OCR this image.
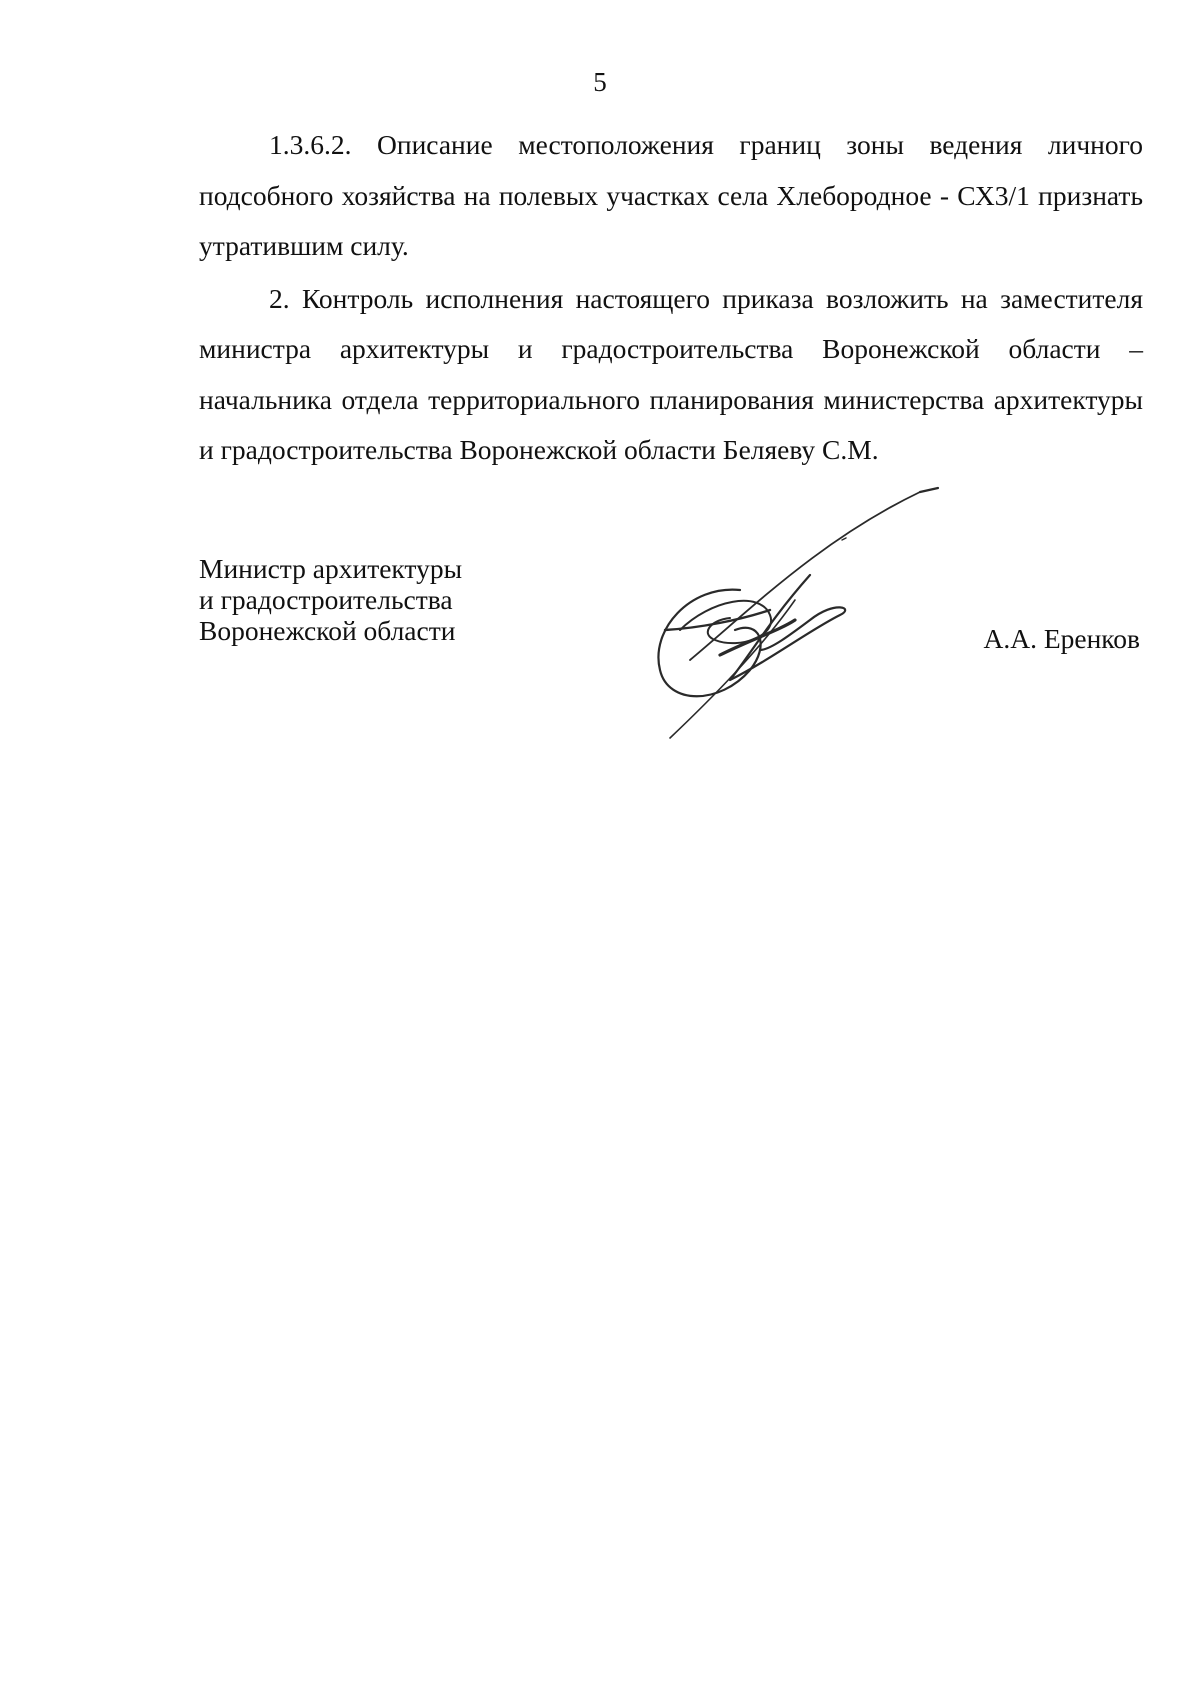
5

1.3.6.2. Описание местоположения границ зоны ведения личного подсобного хозяйства на полевых участках села Хлебородное - СХ3/1 признать утратившим силу.

2. Контроль исполнения настоящего приказа возложить на заместителя министра архитектуры и градостроительства Воронежской области – начальника отдела территориального планирования министерства архитектуры и градостроительства Воронежской области Беляеву С.М.

Министр архитектуры
и градостроительства
Воронежской области	А.А. Еренков
